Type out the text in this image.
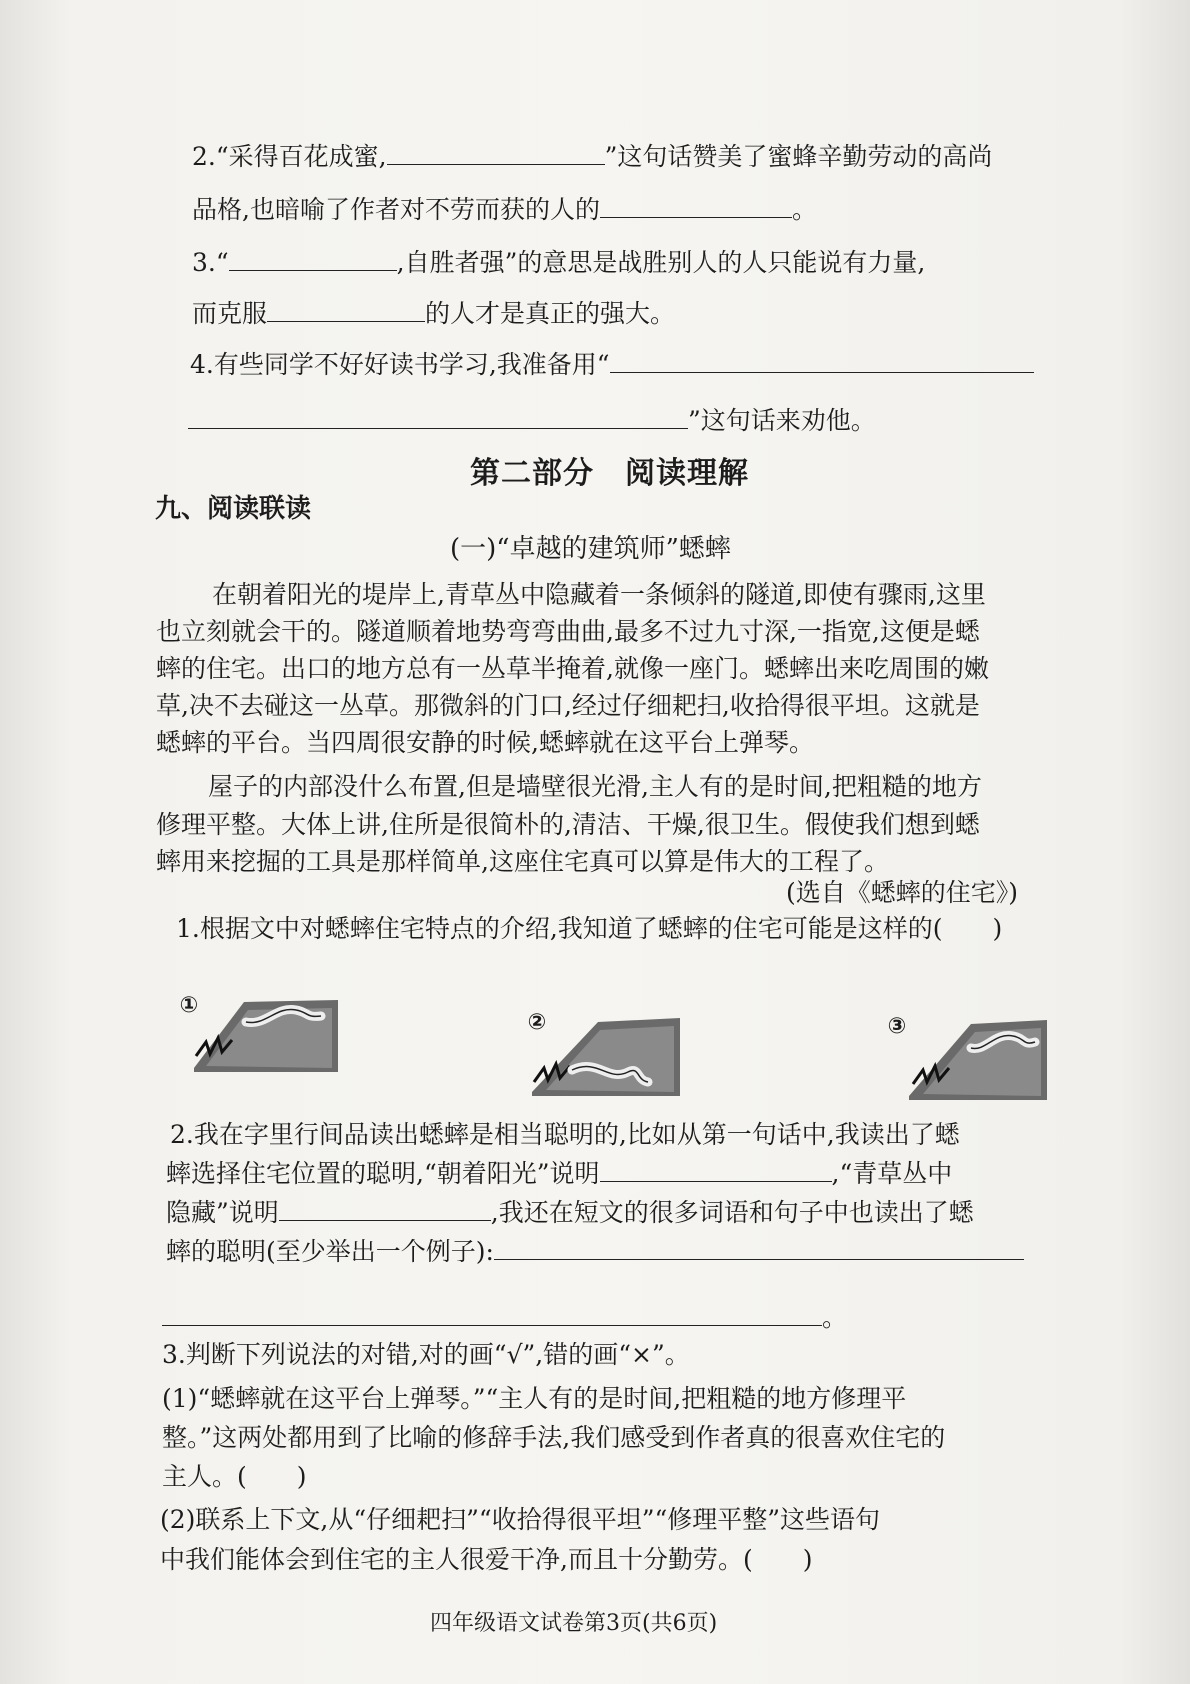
2.“采得百花成蜜,	”这句话赞美了蜜蜂辛勤劳动的高尚
品格,也暗喻了作者对不劳而获的人的	。
3.“	,自胜者强”的意思是战胜别人的人只能说有力量,
而克服	的人才是真正的强大。
4.有些同学不好好读书学习,我准备用“
”这句话来劝他。
第二部分　阅读理解
九、阅读联读
(一)“卓越的建筑师”蟋蟀
在朝着阳光的堤岸上,青草丛中隐藏着一条倾斜的隧道,即使有骤雨,这里
也立刻就会干的。隧道顺着地势弯弯曲曲,最多不过九寸深,一指宽,这便是蟋
蟀的住宅。出口的地方总有一丛草半掩着,就像一座门。蟋蟀出来吃周围的嫩
草,决不去碰这一丛草。那微斜的门口,经过仔细耙扫,收拾得很平坦。这就是
蟋蟀的平台。当四周很安静的时候,蟋蟀就在这平台上弹琴。
屋子的内部没什么布置,但是墙壁很光滑,主人有的是时间,把粗糙的地方
修理平整。大体上讲,住所是很简朴的,清洁、干燥,很卫生。假使我们想到蟋
蟀用来挖掘的工具是那样简单,这座住宅真可以算是伟大的工程了。
(选自《蟋蟀的住宅》)
1.根据文中对蟋蟀住宅特点的介绍,我知道了蟋蟀的住宅可能是这样的(　　)
①
②	③
2.我在字里行间品读出蟋蟀是相当聪明的,比如从第一句话中,我读出了蟋
蟀选择住宅位置的聪明,“朝着阳光”说明	,“青草丛中
隐藏”说明	,我还在短文的很多词语和句子中也读出了蟋
蟀的聪明(至少举出一个例子):
。
3.判断下列说法的对错,对的画“√”,错的画“×”。
(1)“蟋蟀就在这平台上弹琴。”“主人有的是时间,把粗糙的地方修理平
整。”这两处都用到了比喻的修辞手法,我们感受到作者真的很喜欢住宅的
主人。(　　)
(2)联系上下文,从“仔细耙扫”“收拾得很平坦”“修理平整”这些语句
中我们能体会到住宅的主人很爱干净,而且十分勤劳。(　　)
四年级语文试卷第3页(共6页)
